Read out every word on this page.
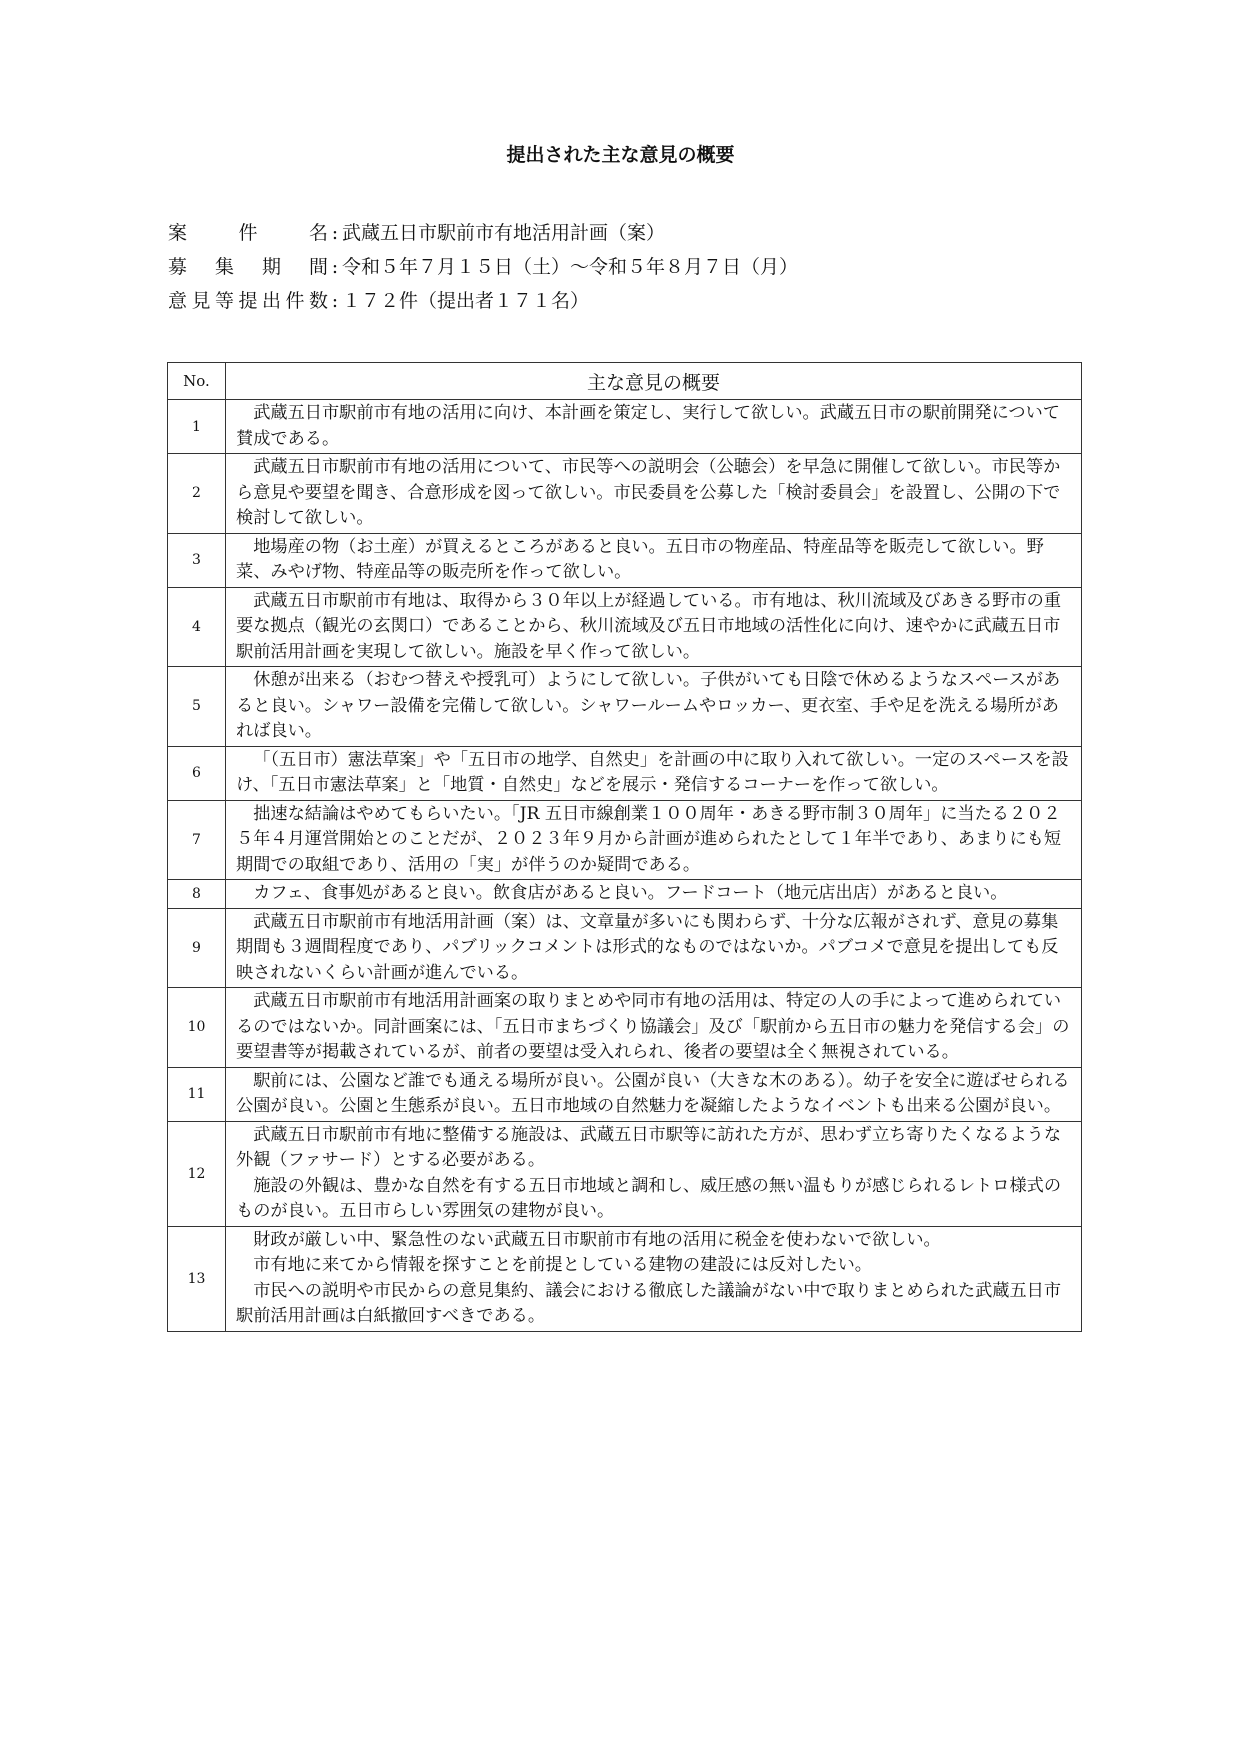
提出された主な意見の概要
案件名 : 武蔵五日市駅前市有地活用計画（案）
募集期間 : 令和５年７月１５日（土）～令和５年８月７日（月）
意見等提出件数 : １７２件（提出者１７１名）
No.	主な意見の概要
1	武蔵五日市駅前市有地の活用に向け、本計画を策定し、実行して欲しい。武蔵五日市の駅前開発について賛成である。

2	武蔵五日市駅前市有地の活用について、市民等への説明会（公聴会）を早急に開催して欲しい。市民等から意見や要望を聞き、合意形成を図って欲しい。市民委員を公募した「検討委員会」を設置し、公開の下で検討して欲しい。

3	地場産の物（お土産）が買えるところがあると良い。五日市の物産品、特産品等を販売して欲しい。野菜、みやげ物、特産品等の販売所を作って欲しい。

4	武蔵五日市駅前市有地は、取得から３０年以上が経過している。市有地は、秋川流域及びあきる野市の重要な拠点（観光の玄関口）であることから、秋川流域及び五日市地域の活性化に向け、速やかに武蔵五日市駅前活用計画を実現して欲しい。施設を早く作って欲しい。

5	休憩が出来る（おむつ替えや授乳可）ようにして欲しい。子供がいても日陰で休めるようなスペースがあると良い。シャワー設備を完備して欲しい。シャワールームやロッカー、更衣室、手や足を洗える場所があれば良い。

6	「（五日市）憲法草案」や「五日市の地学、自然史」を計画の中に取り入れて欲しい。一定のスペースを設け、「五日市憲法草案」と「地質・自然史」などを展示・発信するコーナーを作って欲しい。

7	拙速な結論はやめてもらいたい。「JR 五日市線創業１００周年・あきる野市制３０周年」に当たる２０２５年４月運営開始とのことだが、２０２３年９月から計画が進められたとして１年半であり、あまりにも短期間での取組であり、活用の「実」が伴うのか疑問である。

8	カフェ、食事処があると良い。飲食店があると良い。フードコート（地元店出店）があると良い。

9	武蔵五日市駅前市有地活用計画（案）は、文章量が多いにも関わらず、十分な広報がされず、意見の募集期間も３週間程度であり、パブリックコメントは形式的なものではないか。パブコメで意見を提出しても反映されないくらい計画が進んでいる。

10	武蔵五日市駅前市有地活用計画案の取りまとめや同市有地の活用は、特定の人の手によって進められているのではないか。同計画案には、「五日市まちづくり協議会」及び「駅前から五日市の魅力を発信する会」の要望書等が掲載されているが、前者の要望は受入れられ、後者の要望は全く無視されている。

11	駅前には、公園など誰でも通える場所が良い。公園が良い（大きな木のある）。幼子を安全に遊ばせられる公園が良い。公園と生態系が良い。五日市地域の自然魅力を凝縮したようなイベントも出来る公園が良い。

12	武蔵五日市駅前市有地に整備する施設は、武蔵五日市駅等に訪れた方が、思わず立ち寄りたくなるような外観（ファサード）とする必要がある。
施設の外観は、豊かな自然を有する五日市地域と調和し、威圧感の無い温もりが感じられるレトロ様式のものが良い。五日市らしい雰囲気の建物が良い。

13	財政が厳しい中、緊急性のない武蔵五日市駅前市有地の活用に税金を使わないで欲しい。
市有地に来てから情報を探すことを前提としている建物の建設には反対したい。
市民への説明や市民からの意見集約、議会における徹底した議論がない中で取りまとめられた武蔵五日市駅前活用計画は白紙撤回すべきである。
